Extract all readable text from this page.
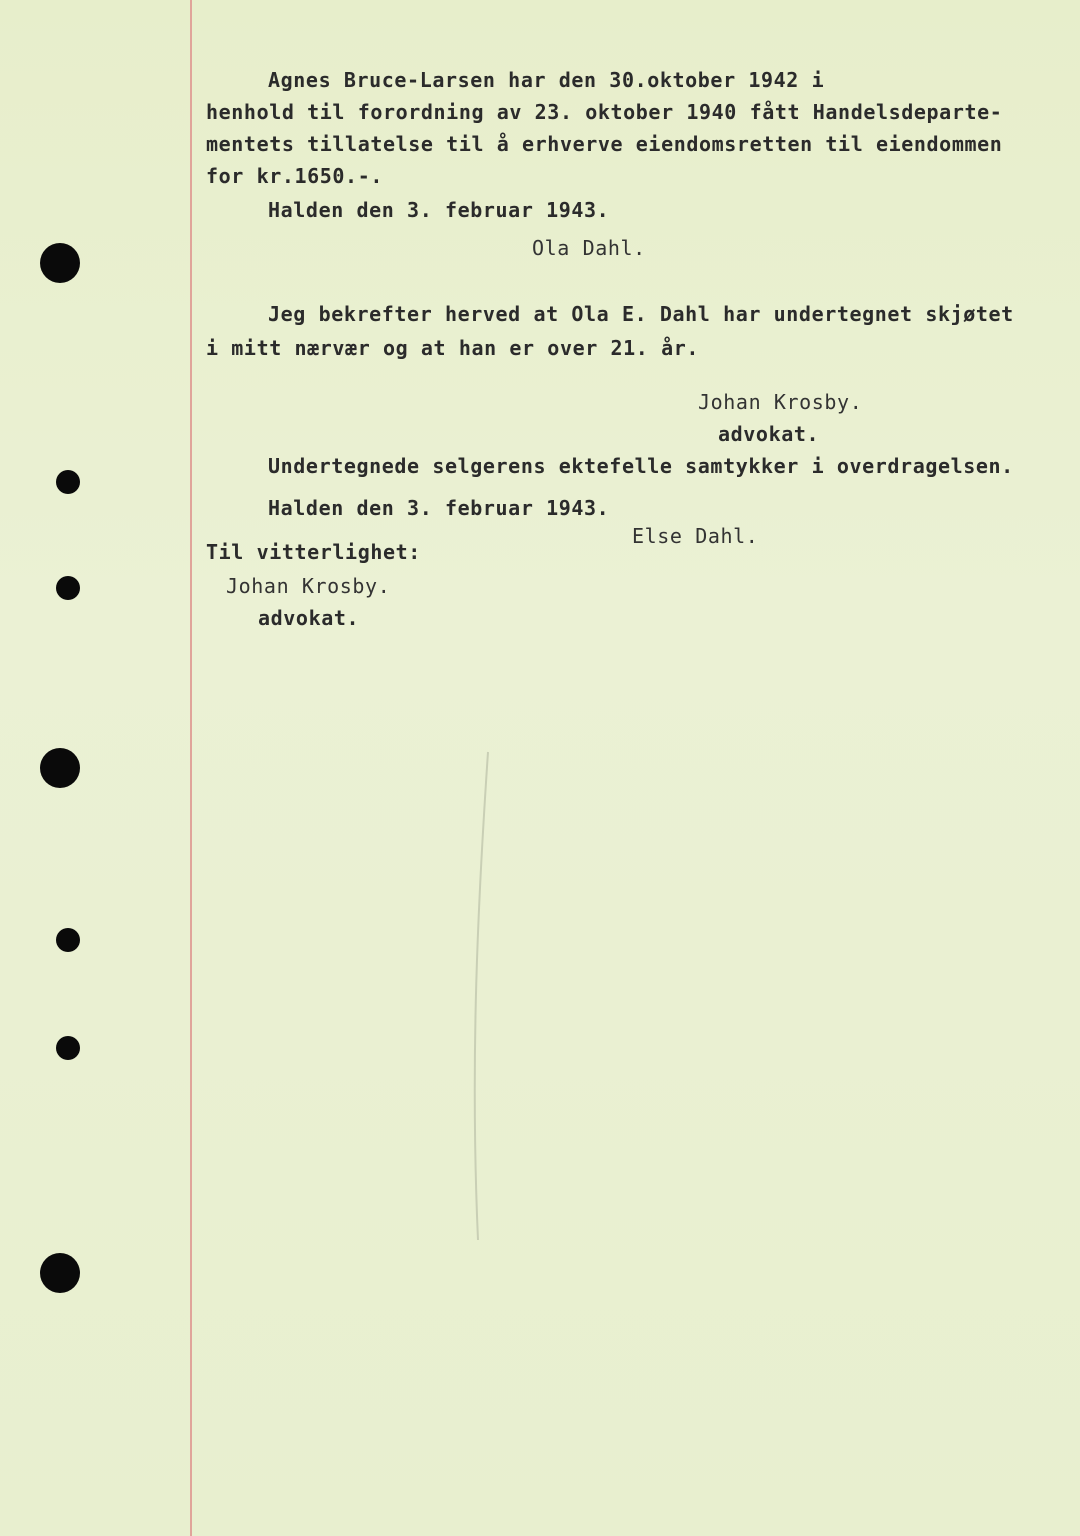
Agnes Bruce-Larsen har den 30.oktober 1942 i
henhold til forordning av 23. oktober 1940 fått Handelsdeparte-
mentets tillatelse til å erhverve eiendomsretten til eiendommen
for kr.1650.-.
Halden den 3. februar 1943.
Ola Dahl.
Jeg bekrefter herved at Ola E. Dahl har undertegnet skjøtet
i mitt nærvær og at han er over 21. år.
Johan Krosby.
advokat.
Undertegnede selgerens ektefelle samtykker i overdragelsen.
Halden den 3. februar 1943.
Else Dahl.
Til vitterlighet:
Johan Krosby.
advokat.
